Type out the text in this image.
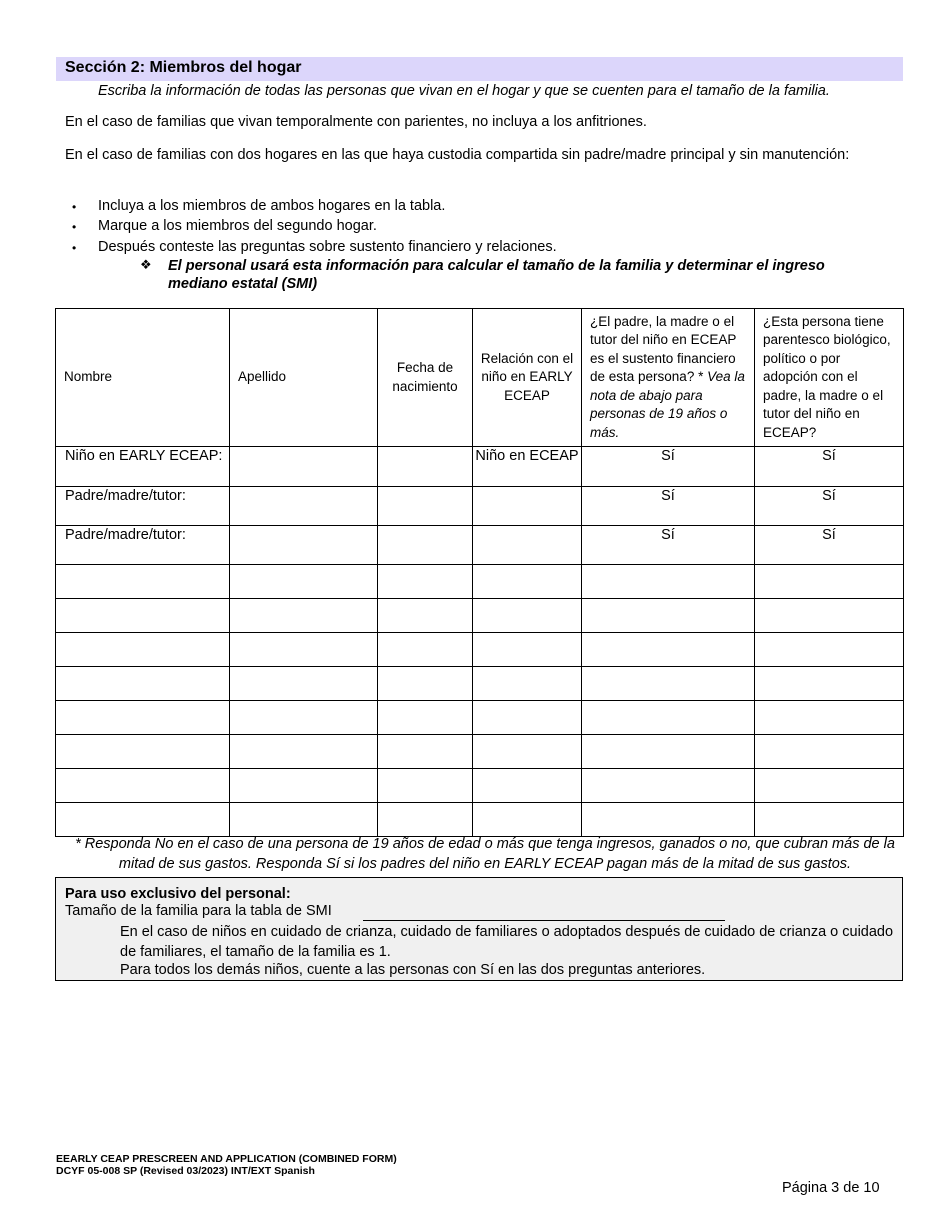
Sección 2: Miembros del hogar
Escriba la información de todas las personas que vivan en el hogar y que se cuenten para el tamaño de la familia.
En el caso de familias que vivan temporalmente con parientes, no incluya a los anfitriones.
En el caso de familias con dos hogares en las que haya custodia compartida sin padre/madre principal y sin manutención:
• Incluya a los miembros de ambos hogares en la tabla.
• Marque a los miembros del segundo hogar.
• Después conteste las preguntas sobre sustento financiero y relaciones.
❖ El personal usará esta información para calcular el tamaño de la familia y determinar el ingreso mediano estatal (SMI)
Nombre	Apellido	Fecha de nacimiento	Relación con el niño en EARLY ECEAP	¿El padre, la madre o el tutor del niño en ECEAP es el sustento financiero de esta persona? * Vea la nota de abajo para personas de 19 años o más.	¿Esta persona tiene parentesco biológico, político o por adopción con el padre, la madre o el tutor del niño en ECEAP?

Niño en EARLY ECEAP:			Niño en ECEAP	Sí	Sí
Padre/madre/tutor:				Sí	Sí
Padre/madre/tutor:				Sí	Sí

* Responda No en el caso de una persona de 19 años de edad o más que tenga ingresos, ganados o no, que cubran más de la mitad de sus gastos. Responda Sí si los padres del niño en EARLY ECEAP pagan más de la mitad de sus gastos.
Para uso exclusivo del personal:
Tamaño de la familia para la tabla de SMI
En el caso de niños en cuidado de crianza, cuidado de familiares o adoptados después de cuidado de crianza o cuidado de familiares, el tamaño de la familia es 1.
Para todos los demás niños, cuente a las personas con Sí en las dos preguntas anteriores.
EEARLY CEAP PRESCREEN AND APPLICATION (COMBINED FORM)
DCYF 05-008 SP (Revised 03/2023) INT/EXT Spanish
Página 3 de 10
